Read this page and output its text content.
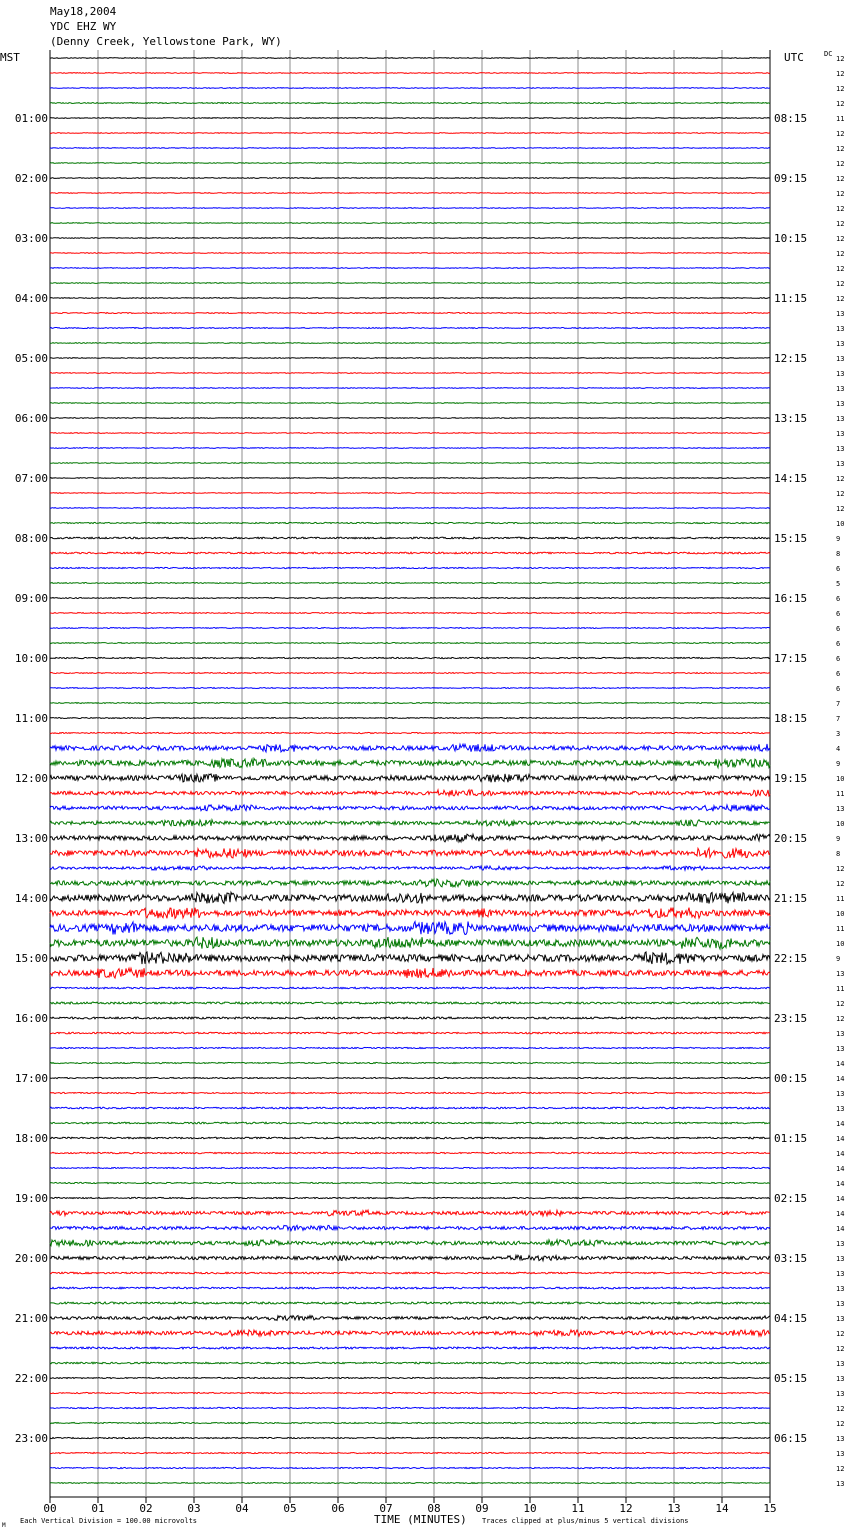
May18,2004
YDC EHZ WY
(Denny Creek, Yellowstone Park, WY)
00	01	02	03	04	05	06	07	08	09	10	11	12	13	14	15
12
12
12
12
11
12
12
12
12
12
12
12
12
12
12
12
12
13
13
13
13
13
13
13
13
13
13
13
12
12
12
10
9
8
6
5
6
6
6
6
6
6
6
7
7
3
4
9
10
11
13
10
9
8
12
12
11
10
11
10
9
13
11
12
12
13
13
14
14
13
13
14
14
14
14
14
14
14
14
13
13
13
13
13
13
12
12
13
13
13
12
12
13
13
12
13
01:00
02:00
03:00
04:00
05:00
06:00
07:00
08:00
09:00
10:00
11:00
12:00
13:00
14:00
15:00
16:00
17:00
18:00
19:00
20:00
21:00
22:00
23:00
08:15
09:15
10:15
11:15
12:15
13:15
14:15
15:15
16:15
17:15
18:15
19:15
20:15
21:15
22:15
23:15
00:15
01:15
02:15
03:15
04:15
05:15
06:15
MST	UTC	DC
TIME (MINUTES)
Each Vertical Division = 100.00 microvolts	Traces clipped at plus/minus 5 vertical divisions
M
